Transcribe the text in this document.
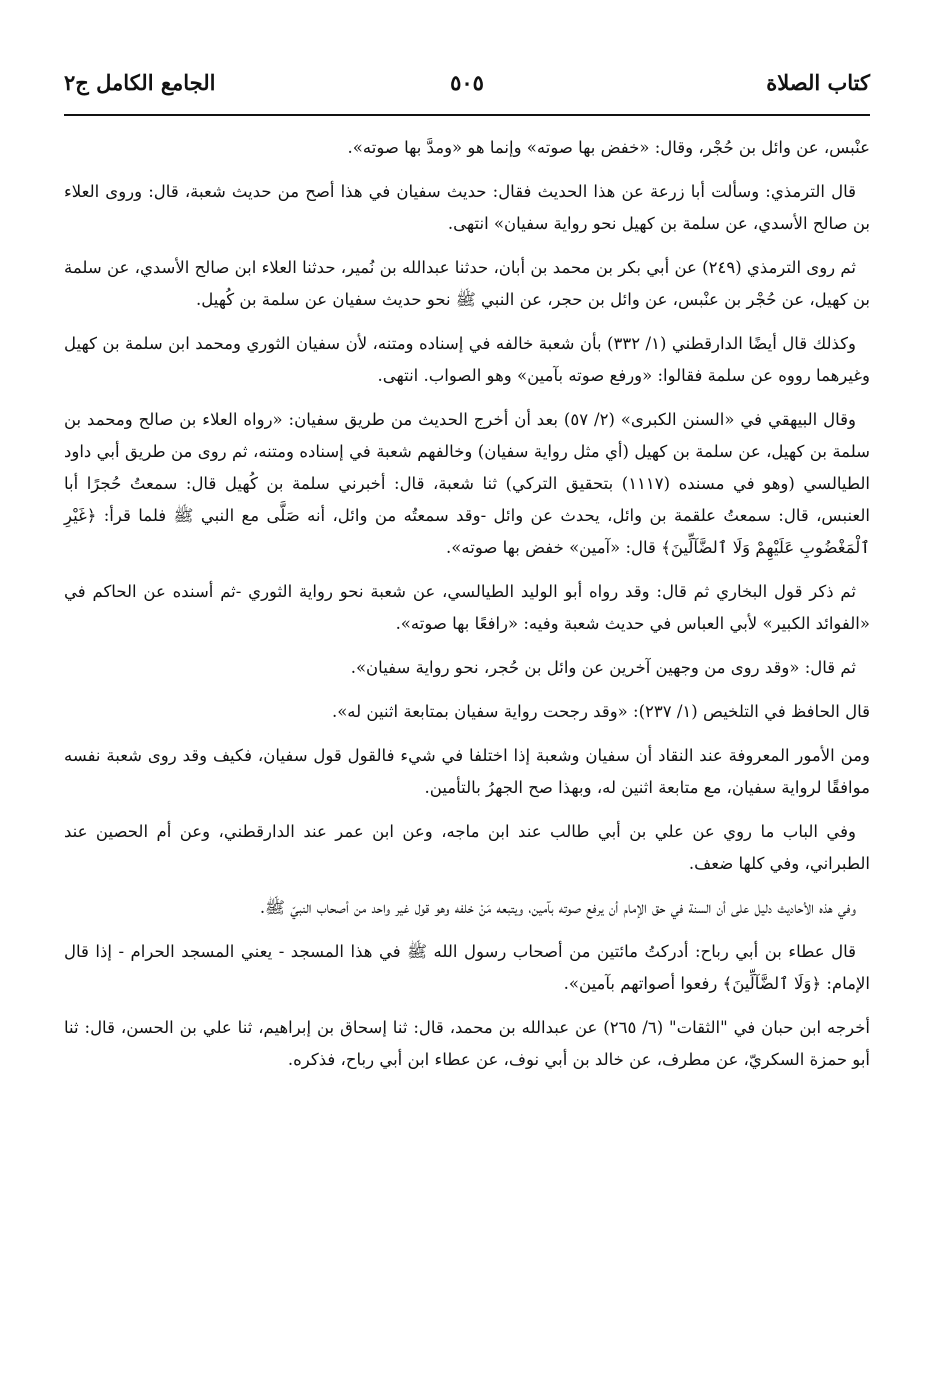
كتاب الصلاة
٥٠٥
الجامع الكامل ج٢

عنْبس، عن وائل بن حُجْر، وقال: «خفض بها صوته» وإنما هو «ومدَّ بها صوته».

قال الترمذي: وسألت أبا زرعة عن هذا الحديث فقال: حديث سفيان في هذا أصح من حديث شعبة، قال: وروى العلاء بن صالح الأسدي، عن سلمة بن كهيل نحو رواية سفيان» انتهى.

ثم روى الترمذي (٢٤٩) عن أبي بكر بن محمد بن أبان، حدثنا عبدالله بن نُمير، حدثنا العلاء ابن صالح الأسدي، عن سلمة بن كهيل، عن حُجْر بن عنْبس، عن وائل بن حجر، عن النبي ﷺ نحو حديث سفيان عن سلمة بن كُهيل.

وكذلك قال أيضًا الدارقطني (١/ ٣٣٢) بأن شعبة خالفه في إسناده ومتنه، لأن سفيان الثوري ومحمد ابن سلمة بن كهيل وغيرهما رووه عن سلمة فقالوا: «ورفع صوته بآمين» وهو الصواب. انتهى.

وقال البيهقي في «السنن الكبرى» (٢/ ٥٧) بعد أن أخرج الحديث من طريق سفيان: «رواه العلاء بن صالح ومحمد بن سلمة بن كهيل، عن سلمة بن كهيل (أي مثل رواية سفيان) وخالفهم شعبة في إسناده ومتنه، ثم روى من طريق أبي داود الطيالسي (وهو في مسنده (١١١٧) بتحقيق التركي) ثنا شعبة، قال: أخبرني سلمة بن كُهيل قال: سمعتُ حُجرًا أبا العنبس، قال: سمعتُ علقمة بن وائل، يحدث عن وائل -وقد سمعتُه من وائل، أنه صَلَّى مع النبي ﷺ فلما قرأ: ﴿غَيْرِ ٱلْمَغْضُوبِ عَلَيْهِمْ وَلَا ٱلضَّآلِّينَ﴾ قال: «آمين» خفض بها صوته».

ثم ذكر قول البخاري ثم قال: وقد رواه أبو الوليد الطيالسي، عن شعبة نحو رواية الثوري -ثم أسنده عن الحاكم في «الفوائد الكبير» لأبي العباس في حديث شعبة وفيه: «رافعًا بها صوته».

ثم قال: «وقد روى من وجهين آخرين عن وائل بن حُجر، نحو رواية سفيان».

قال الحافظ في التلخيص (١/ ٢٣٧): «وقد رجحت رواية سفيان بمتابعة اثنين له».

ومن الأمور المعروفة عند النقاد أن سفيان وشعبة إذا اختلفا في شيء فالقول قول سفيان، فكيف وقد روى شعبة نفسه موافقًا لرواية سفيان، مع متابعة اثنين له، وبهذا صح الجهرُ بالتأمين.

وفي الباب ما روي عن علي بن أبي طالب عند ابن ماجه، وعن ابن عمر عند الدارقطني، وعن أم الحصين عند الطبراني، وفي كلها ضعف.

وفي هذه الأحاديث دليل على أن السنة في حق الإمام أن يرفع صوته بآمين، ويتبعه مَنْ خلفه وهو قول غير واحد من أصحاب النبيّ ﷺ.

قال عطاء بن أبي رباح: أدركتُ مائتين من أصحاب رسول الله ﷺ في هذا المسجد - يعني المسجد الحرام - إذا قال الإمام: ﴿وَلَا ٱلضَّآلِّينَ﴾ رفعوا أصواتهم بآمين».

أخرجه ابن حبان في "الثقات" (٦/ ٢٦٥) عن عبدالله بن محمد، قال: ثنا إسحاق بن إبراهيم، ثنا علي بن الحسن، قال: ثنا أبو حمزة السكريّ، عن مطرف، عن خالد بن أبي نوف، عن عطاء ابن أبي رباح، فذكره.
